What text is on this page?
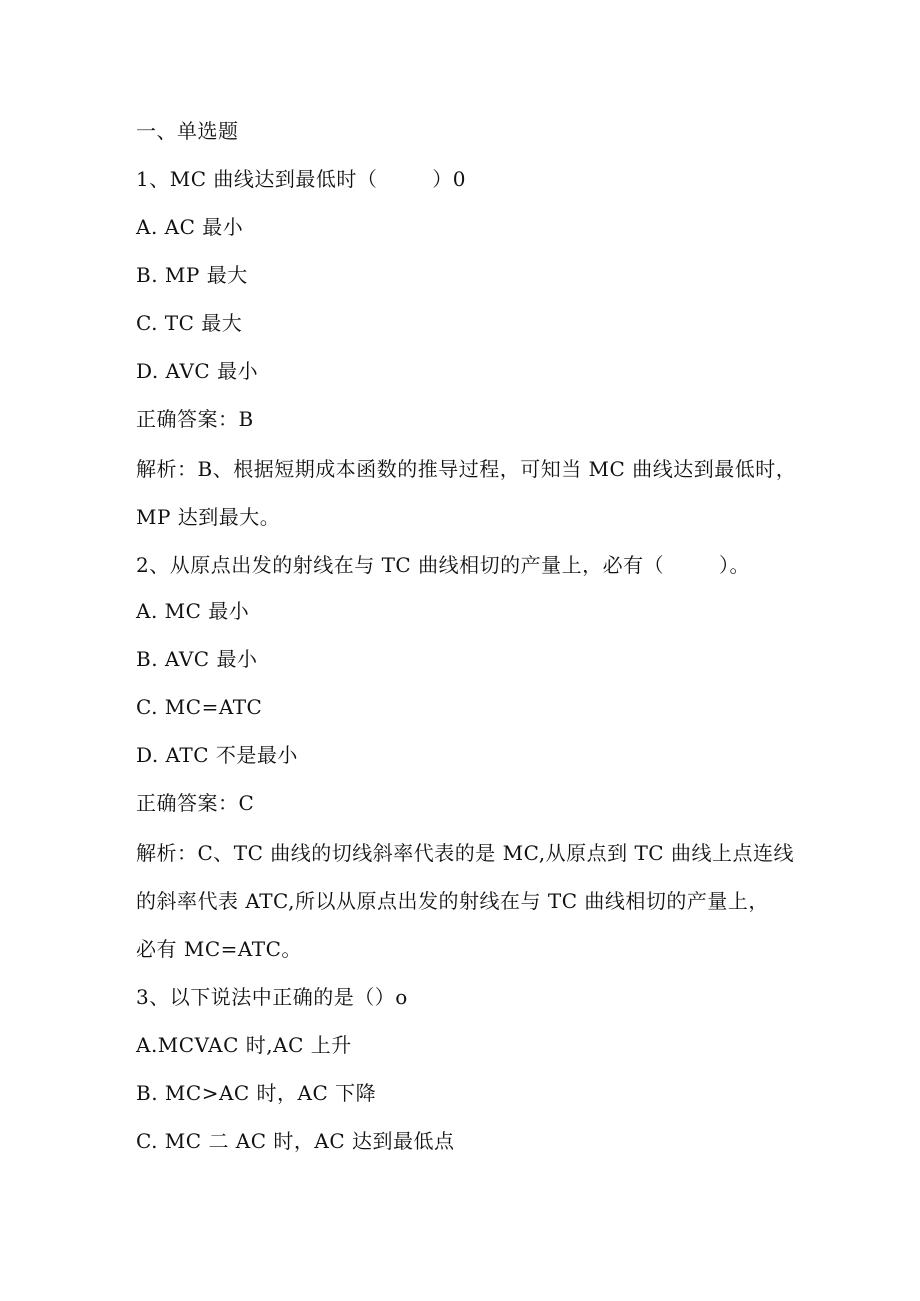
一、单选题
1、MC 曲线达到最低时（        ）0
A. AC 最小
B. MP 最大
C. TC 最大
D. AVC 最小
正确答案：B
解析：B、根据短期成本函数的推导过程，可知当 MC 曲线达到最低时，
MP 达到最大。
2、从原点出发的射线在与 TC 曲线相切的产量上，必有（        ）。
A. MC 最小
B. AVC 最小
C. MC=ATC
D. ATC 不是最小
正确答案：C
解析：C、TC 曲线的切线斜率代表的是 MC,从原点到 TC 曲线上点连线
的斜率代表 ATC,所以从原点出发的射线在与 TC 曲线相切的产量上，
必有 MC=ATC。
3、以下说法中正确的是（）o
A.MCVAC 时,AC 上升
B. MC>AC 时，AC 下降
C. MC 二 AC 时，AC 达到最低点
